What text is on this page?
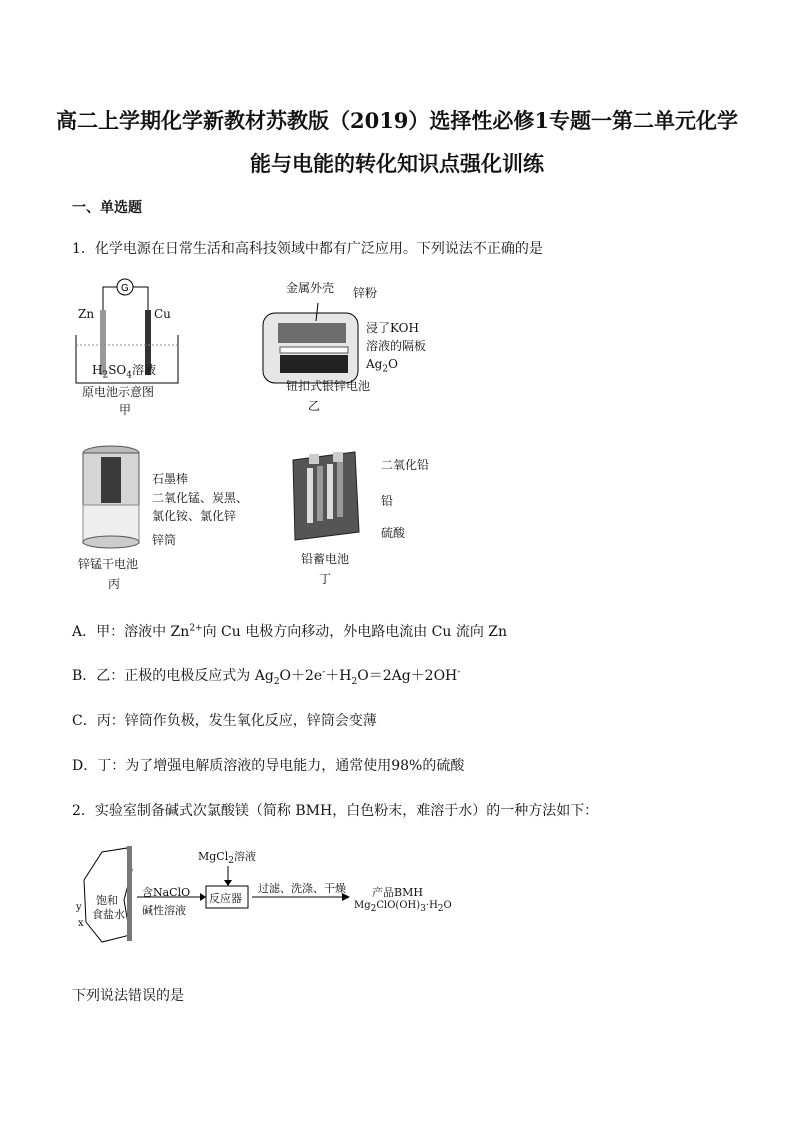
高二上学期化学新教材苏教版（2019）选择性必修1专题一第二单元化学
能与电能的转化知识点强化训练
一、单选题
1．化学电源在日常生活和高科技领域中都有广泛应用。下列说法不正确的是
G
Zn	Cu
$H_2SO_4$溶液
原电池示意图
甲
金属外壳 锌粉
浸了KOH
溶液的隔板
$Ag_2O$
钮扣式银锌电池
乙
石墨棒
二氧化锰、炭黑、
氯化铵、氯化锌
锌筒
锌锰干电池
丙
二氧化铅
铅
硫酸
铅蓄电池
丁
A．甲：溶液中 $Zn^{2+}$向 Cu 电极方向移动，外电路电流由 Cu 流向 Zn
B．乙：正极的电极反应式为 $Ag_2O+2e^-+H_2O=2Ag+2OH^-$
C．丙：锌筒作负极，发生氧化反应，锌筒会变薄
D．丁：为了增强电解质溶液的导电能力，通常使用98%的硫酸
2．实验室制备碱式次氯酸镁（简称 BMH，白色粉末，难溶于水）的一种方法如下：
饱和
食盐水
y
x
含NaClO
碱性溶液
MgCl$_2$溶液
反应器
过滤、洗涤、干燥 产品BMH
$Mg_2ClO(OH)_3\cdot H_2O$
下列说法错误的是
